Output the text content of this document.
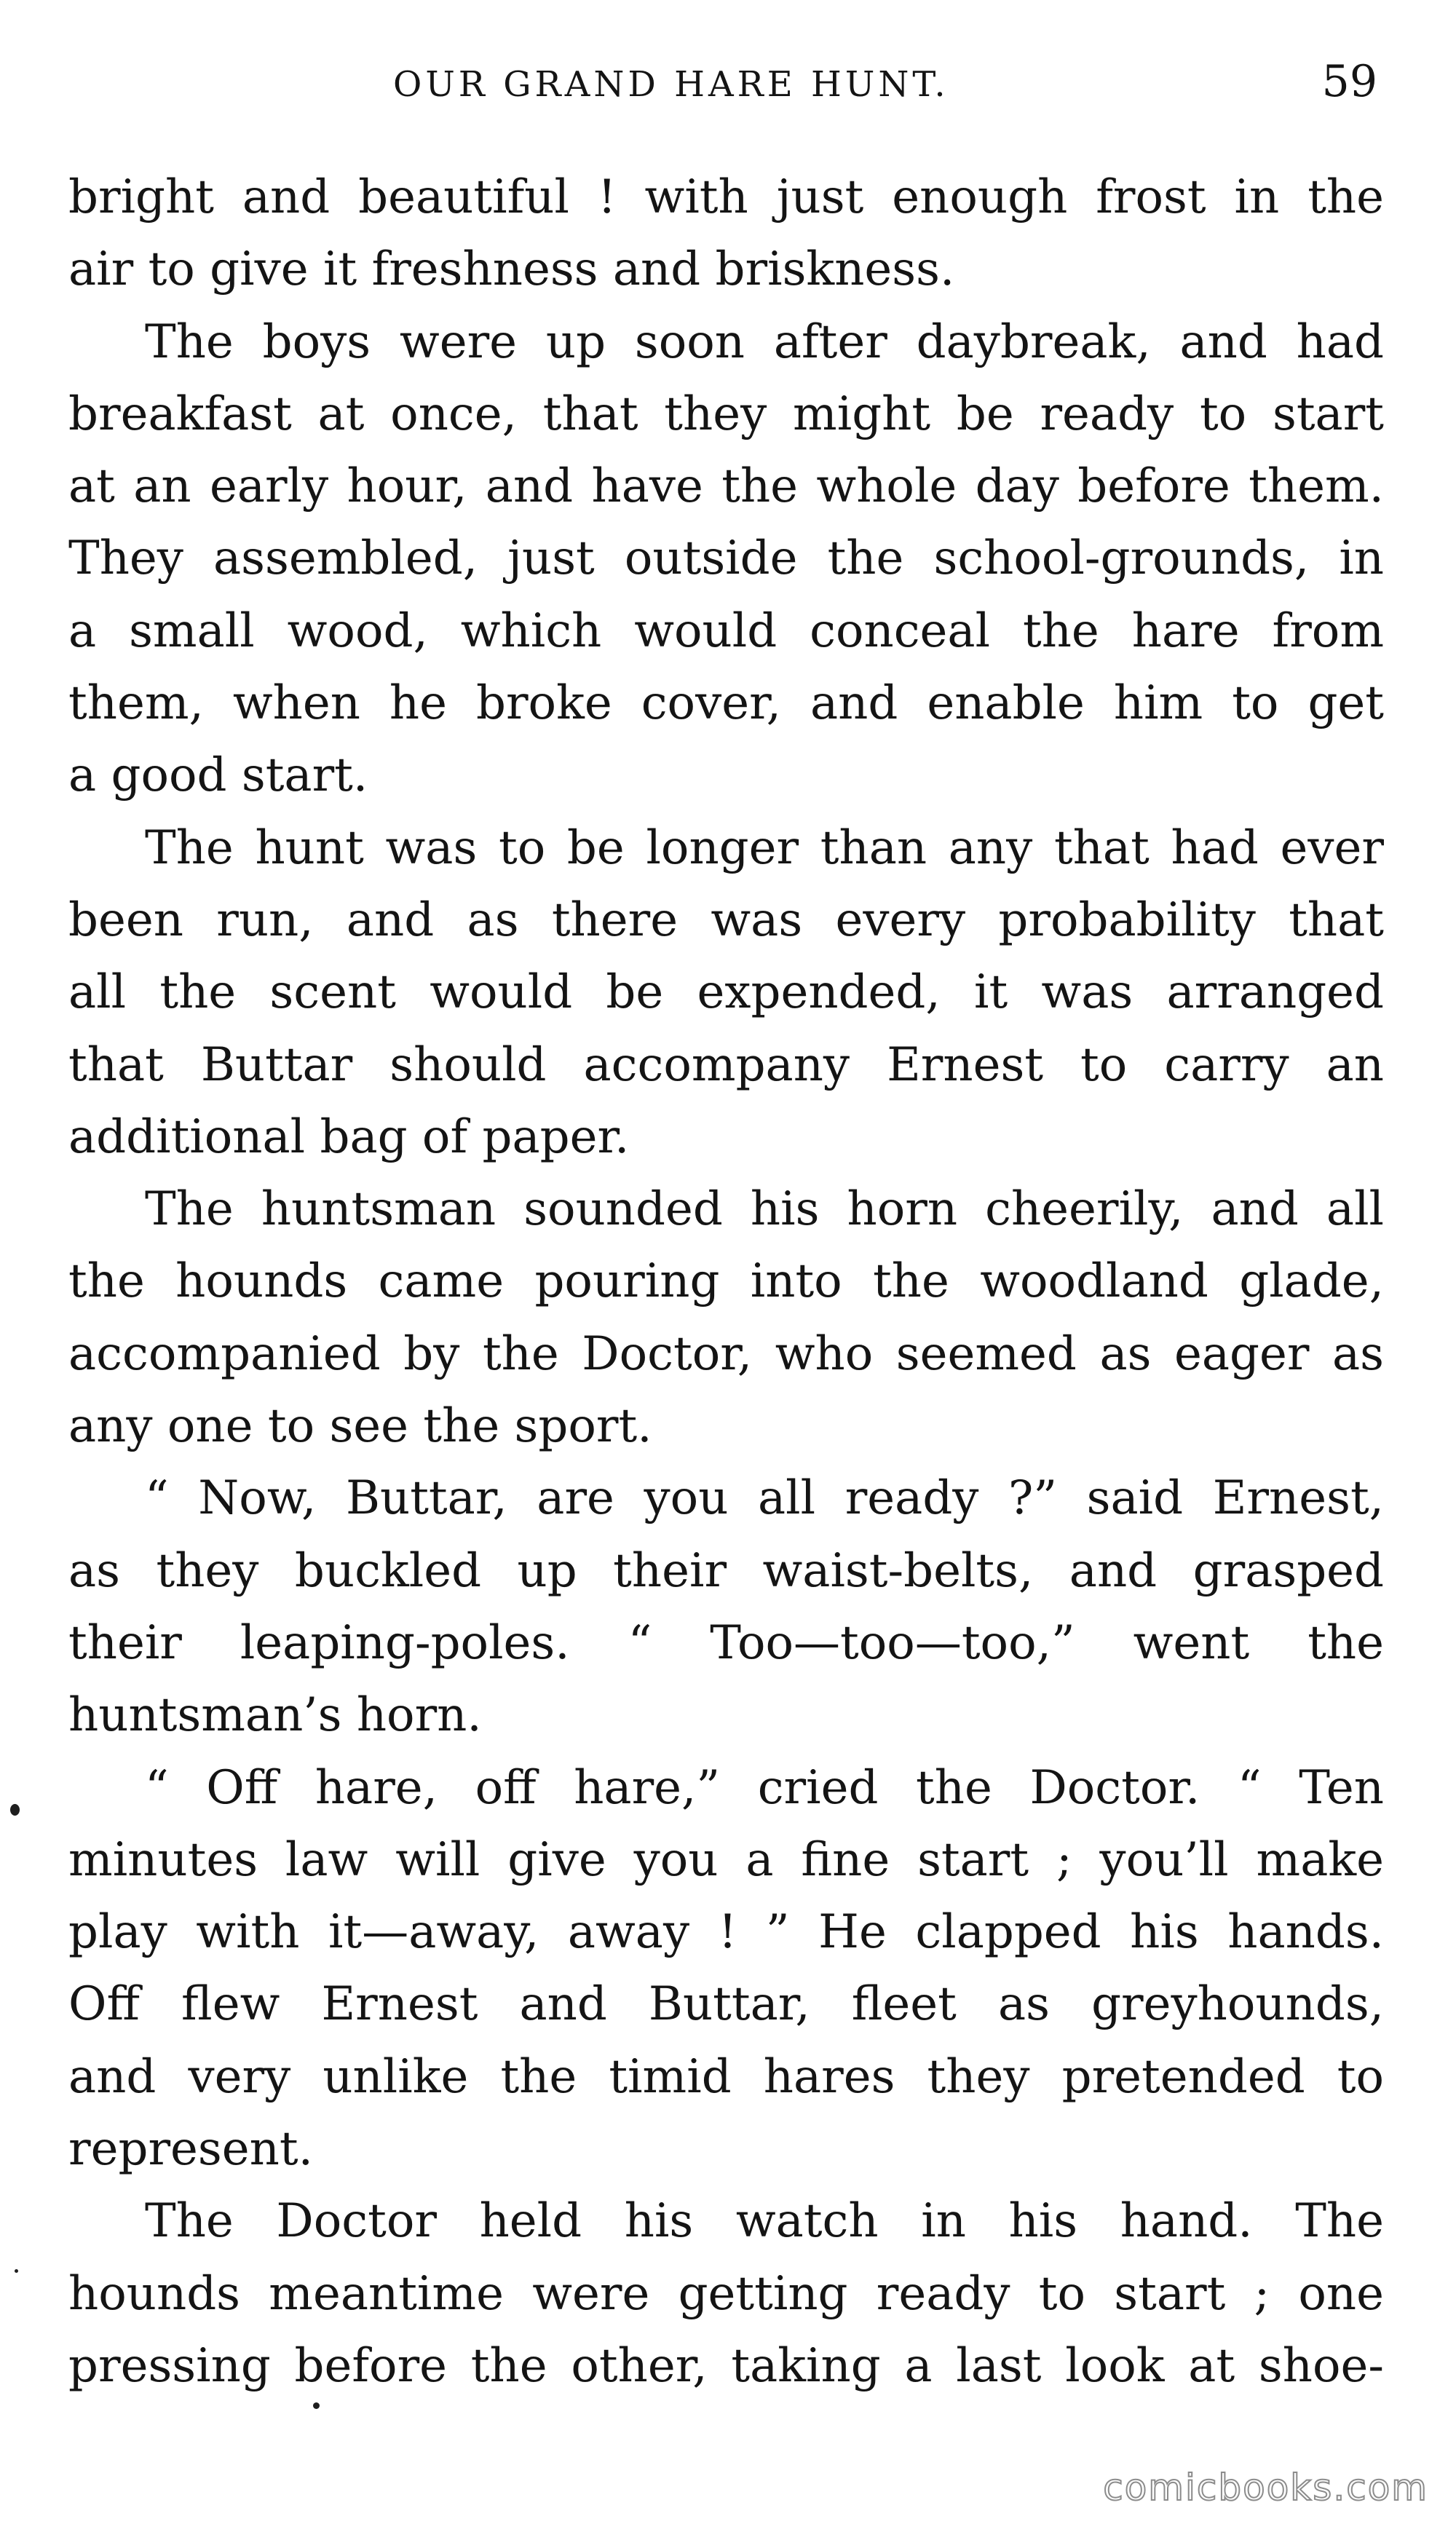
OUR GRAND HARE HUNT.	59
bright and beautiful ! with just enough frost in the
air to give it freshness and briskness.
The boys were up soon after daybreak, and had
breakfast at once, that they might be ready to start
at an early hour, and have the whole day before them.
They assembled, just outside the school-grounds, in
a small wood, which would conceal the hare from
them, when he broke cover, and enable him to get
a good start.
The hunt was to be longer than any that had ever
been run, and as there was every probability that
all the scent would be expended, it was arranged
that Buttar should accompany Ernest to carry an
additional bag of paper.
The huntsman sounded his horn cheerily, and all
the hounds came pouring into the woodland glade,
accompanied by the Doctor, who seemed as eager as
any one to see the sport.
“ Now, Buttar, are you all ready ?” said Ernest,
as they buckled up their waist-belts, and grasped
their leaping-poles. “ Too—too—too,” went the
huntsman’s horn.
“ Off hare, off hare,” cried the Doctor. “ Ten
minutes law will give you a fine start ; you’ll make
play with it—away, away ! ” He clapped his hands.
Off flew Ernest and Buttar, fleet as greyhounds,
and very unlike the timid hares they pretended to
represent.
The Doctor held his watch in his hand. The
hounds meantime were getting ready to start ; one
pressing before the other, taking a last look at shoe-
comicbooks.com
